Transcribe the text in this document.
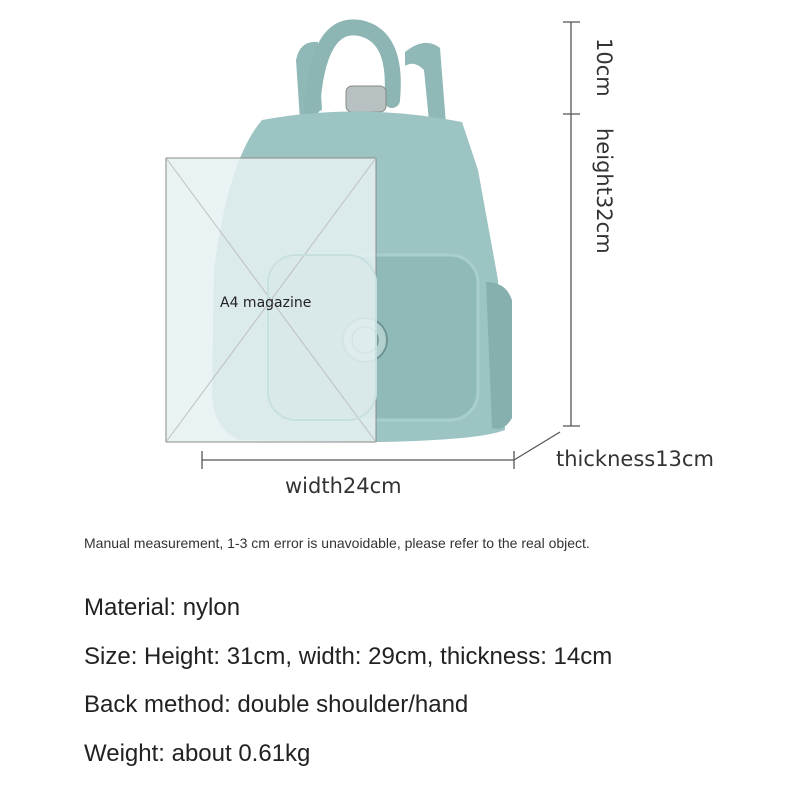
A4 magazine
width24cm
thickness13cm
10cm
height32cm
Manual measurement, 1-3 cm error is unavoidable, please refer to the real object.
Material: nylon
Size: Height: 31cm, width: 29cm, thickness: 14cm
Back method: double shoulder/hand
Weight: about 0.61kg
